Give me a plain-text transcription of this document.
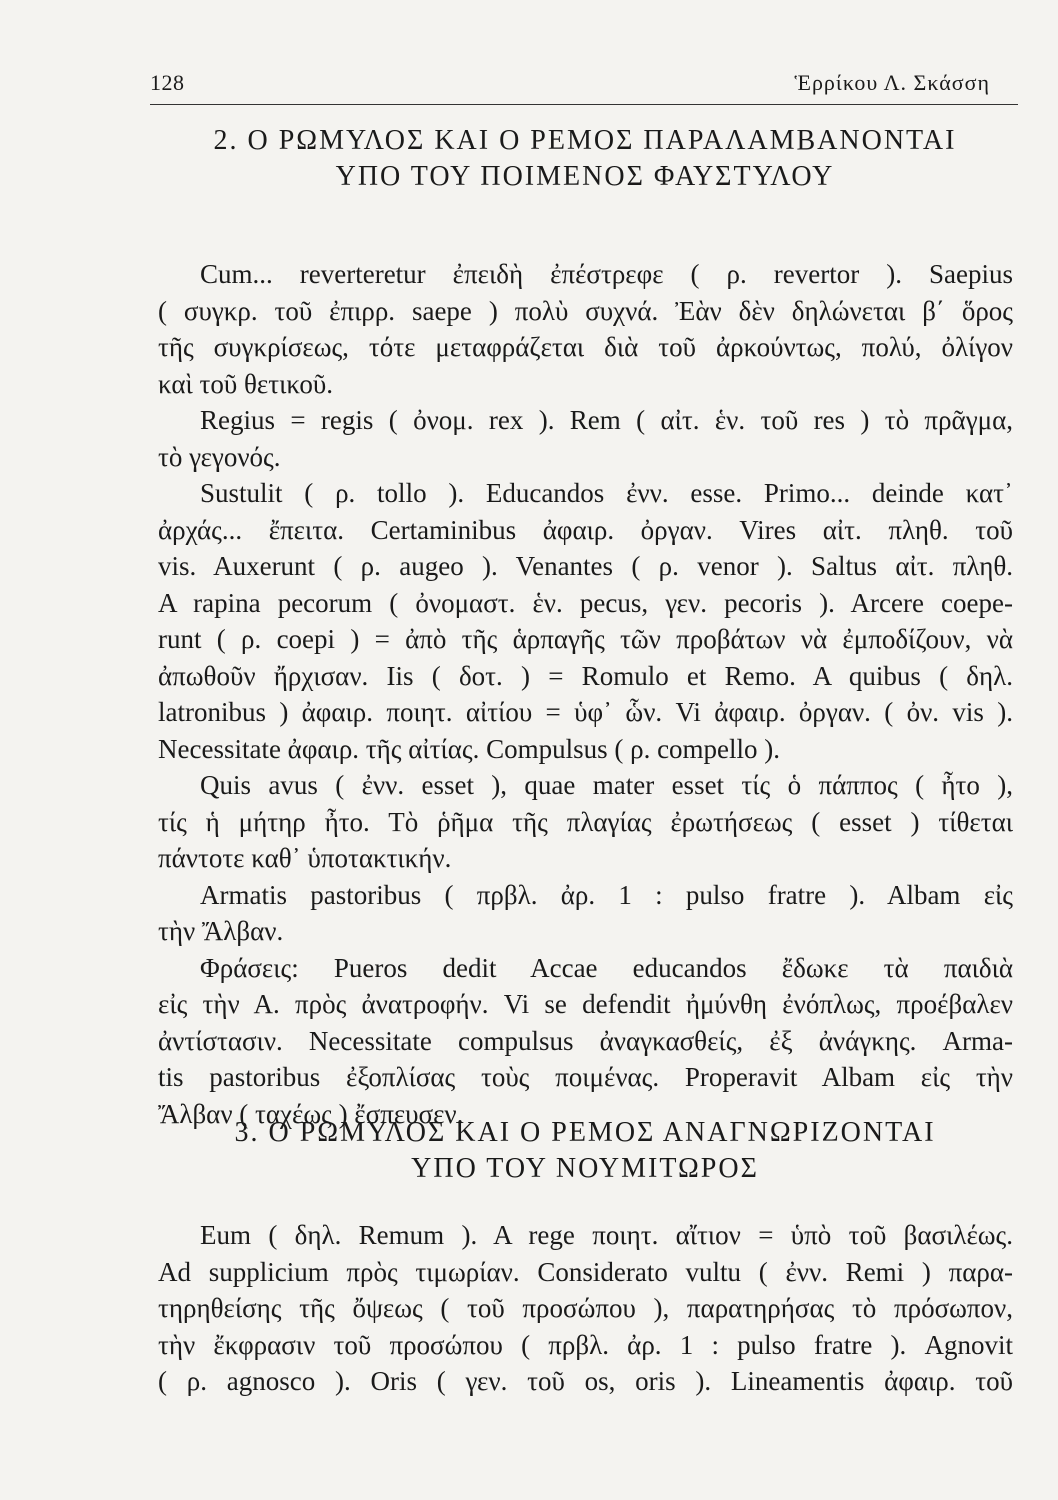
128	Ἑρρίκου Λ. Σκάσση
2. Ο ΡΩΜΥΛΟΣ ΚΑΙ Ο ΡΕΜΟΣ ΠΑΡΑΛΑΜΒΑΝΟΝΤΑΙ
ΥΠΟ ΤΟΥ ΠΟΙΜΕΝΟΣ ΦΑΥΣΤΥΛΟΥ

Cum... reverteretur ἐπειδὴ ἐπέστρεφε ( ρ. revertor ). Saepius
( συγκρ. τοῦ ἐπιρρ. saepe ) πολὺ συχνά. Ἐὰν δὲν δηλώνεται β΄ ὅρος
τῆς συγκρίσεως, τότε μεταφράζεται διὰ τοῦ ἀρκούντως, πολύ, ὀλίγον
καὶ τοῦ θετικοῦ.

Regius = regis ( ὀνομ. rex ). Rem ( αἰτ. ἑν. τοῦ res ) τὸ πρᾶγμα,
τὸ γεγονός.

Sustulit ( ρ. tollo ). Educandos ἐνν. esse. Primo... deinde κατ᾽
ἀρχάς... ἔπειτα. Certaminibus ἀφαιρ. ὀργαν. Vires αἰτ. πληθ. τοῦ
vis. Auxerunt ( ρ. augeo ). Venantes ( ρ. venor ). Saltus αἰτ. πληθ.
A rapina pecorum ( ὀνομαστ. ἑν. pecus, γεν. pecoris ). Arcere coepe-
runt ( ρ. coepi ) = ἀπὸ τῆς ἁρπαγῆς τῶν προβάτων νὰ ἐμποδίζουν, νὰ
ἀπωθοῦν ἤρχισαν. Iis ( δοτ. ) = Romulo et Remo. A quibus ( δηλ.
latronibus ) ἀφαιρ. ποιητ. αἰτίου = ὑφ᾽ ὧν. Vi ἀφαιρ. ὀργαν. ( ὀν. vis ).
Necessitate ἀφαιρ. τῆς αἰτίας. Compulsus ( ρ. compello ).

Quis avus ( ἐνν. esset ), quae mater esset τίς ὁ πάππος ( ἦτο ),
τίς ἡ μήτηρ ἦτο. Τὸ ῥῆμα τῆς πλαγίας ἐρωτήσεως ( esset ) τίθεται
πάντοτε καθ᾽ ὑποτακτικήν.

Armatis pastoribus ( πρβλ. ἀρ. 1 : pulso fratre ). Albam εἰς
τὴν Ἄλβαν.

Φράσεις: Pueros dedit Accae educandos ἔδωκε τὰ παιδιὰ
εἰς τὴν Α. πρὸς ἀνατροφήν. Vi se defendit ἠμύνθη ἐνόπλως, προέβαλεν
ἀντίστασιν. Necessitate compulsus ἀναγκασθείς, ἐξ ἀνάγκης. Arma-
tis pastoribus ἐξοπλίσας τοὺς ποιμένας. Properavit Albam εἰς τὴν
Ἄλβαν ( ταχέως ) ἔσπευσεν.

3. Ο ΡΩΜΥΛΟΣ ΚΑΙ Ο ΡΕΜΟΣ ΑΝΑΓΝΩΡΙΖΟΝΤΑΙ
ΥΠΟ ΤΟΥ ΝΟΥΜΙΤΩΡΟΣ

Eum ( δηλ. Remum ). A rege ποιητ. αἴτιον = ὑπὸ τοῦ βασιλέως.
Ad supplicium πρὸς τιμωρίαν. Considerato vultu ( ἐνν. Remi ) παρα-
τηρηθείσης τῆς ὄψεως ( τοῦ προσώπου ), παρατηρήσας τὸ πρόσωπον,
τὴν ἔκφρασιν τοῦ προσώπου ( πρβλ. ἀρ. 1 : pulso fratre ). Agnovit
( ρ. agnosco ). Oris ( γεν. τοῦ os, oris ). Lineamentis ἀφαιρ. τοῦ
